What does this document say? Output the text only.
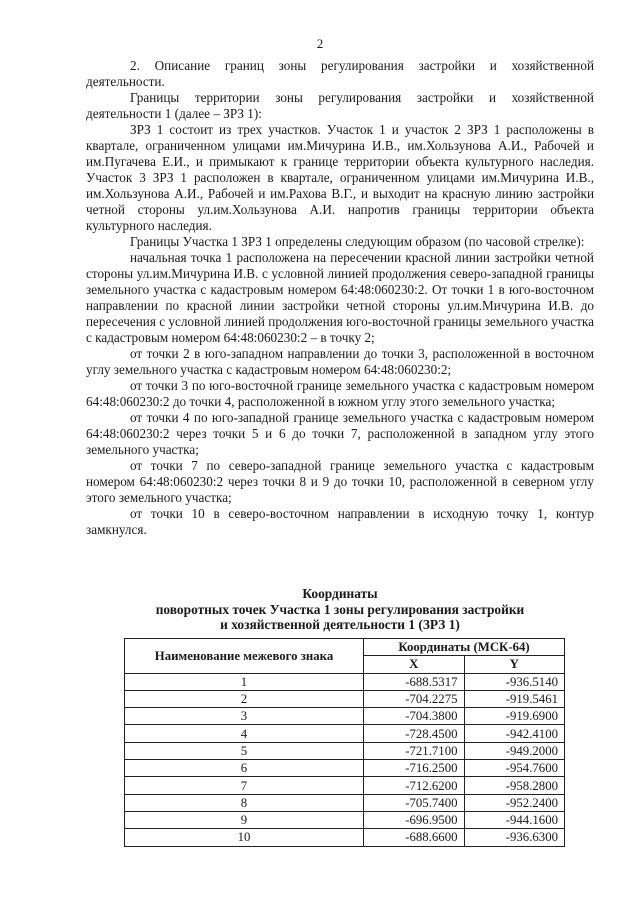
2

2. Описание границ зоны регулирования застройки и хозяйственной деятельности.

Границы территории зоны регулирования застройки и хозяйственной деятельности 1 (далее – ЗРЗ 1):

ЗРЗ 1 состоит из трех участков. Участок 1 и участок 2 ЗРЗ 1 расположены в квартале, ограниченном улицами им.Мичурина И.В., им.Хользунова А.И., Рабочей и им.Пугачева Е.И., и примыкают к границе территории объекта культурного наследия. Участок 3 ЗРЗ 1 расположен в квартале, ограниченном улицами им.Мичурина И.В., им.Хользунова А.И., Рабочей и им.Рахова В.Г., и выходит на красную линию застройки четной стороны ул.им.Хользунова А.И. напротив границы территории объекта культурного наследия.

Границы Участка 1 ЗРЗ 1 определены следующим образом (по часовой стрелке):

начальная точка 1 расположена на пересечении красной линии застройки четной стороны ул.им.Мичурина И.В. с условной линией продолжения северо-западной границы земельного участка с кадастровым номером 64:48:060230:2. От точки 1 в юго-восточном направлении по красной линии застройки четной стороны ул.им.Мичурина И.В. до пересечения с условной линией продолжения юго-восточной границы земельного участка с кадастровым номером 64:48:060230:2 – в точку 2;

от точки 2 в юго-западном направлении до точки 3, расположенной в восточном углу земельного участка с кадастровым номером 64:48:060230:2;

от точки 3 по юго-восточной границе земельного участка с кадастровым номером 64:48:060230:2 до точки 4, расположенной в южном углу этого земельного участка;

от точки 4 по юго-западной границе земельного участка с кадастровым номером 64:48:060230:2 через точки 5 и 6 до точки 7, расположенной в западном углу этого земельного участка;

от точки 7 по северо-западной границе земельного участка с кадастровым номером 64:48:060230:2 через точки 8 и 9 до точки 10, расположенной в северном углу этого земельного участка;

от точки 10 в северо-восточном направлении в исходную точку 1, контур замкнулся.

Координаты
поворотных точек Участка 1 зоны регулирования застройки
и хозяйственной деятельности 1 (ЗРЗ 1)
Наименование межевого знака	Координаты (МСК-64)	
	X	Y
1	-688.5317	-936.5140
2	-704.2275	-919.5461
3	-704.3800	-919.6900
4	-728.4500	-942.4100
5	-721.7100	-949.2000
6	-716.2500	-954.7600
7	-712.6200	-958.2800
8	-705.7400	-952.2400
9	-696.9500	-944.1600
10	-688.6600	-936.6300
